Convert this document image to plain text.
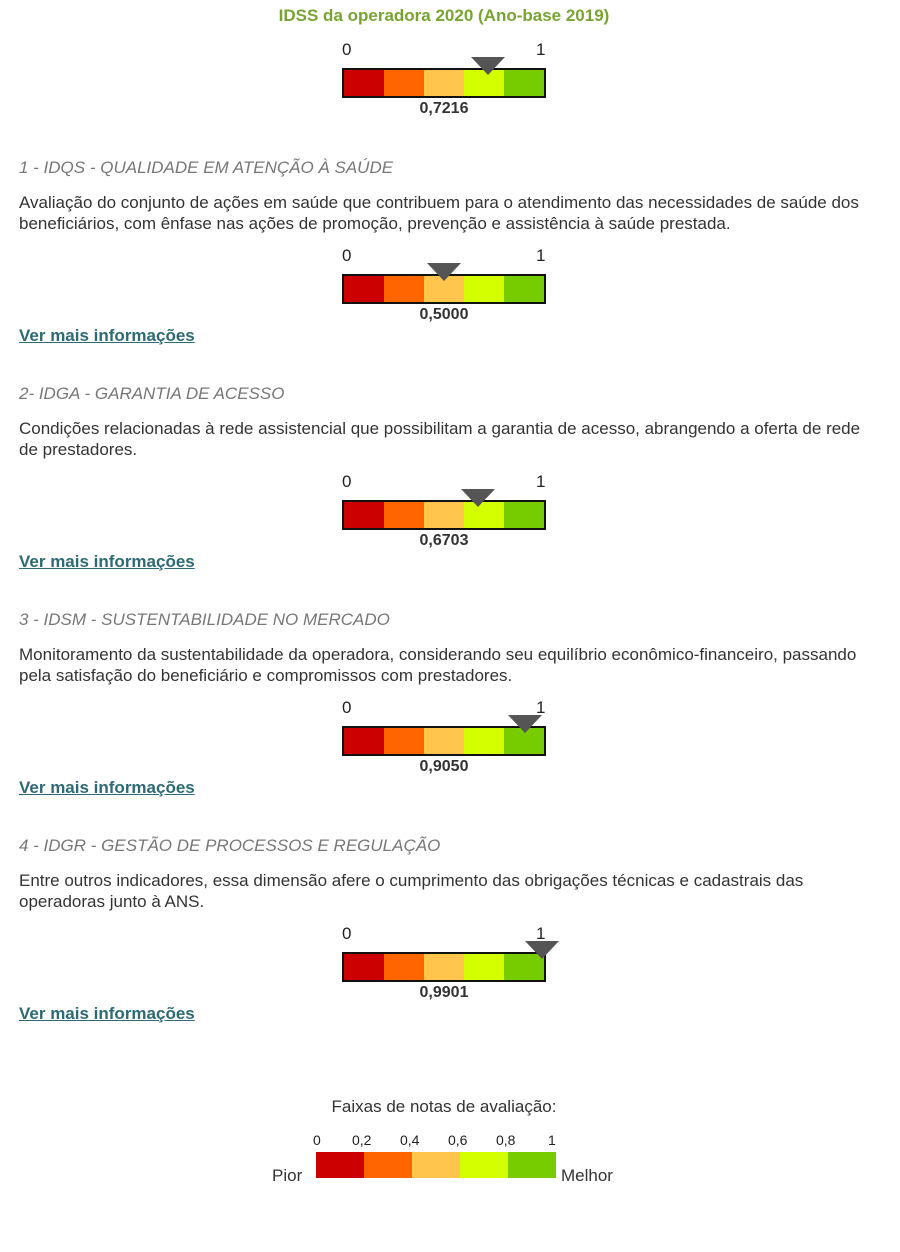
IDSS da operadora 2020 (Ano-base 2019)
0	1
0,7216
1 - IDQS - QUALIDADE EM ATENÇÃO À SAÚDE
Avaliação do conjunto de ações em saúde que contribuem para o atendimento das necessidades de saúde dos beneficiários, com ênfase nas ações de promoção, prevenção e assistência à saúde prestada.
0	1
0,5000
Ver mais informações
2- IDGA - GARANTIA DE ACESSO
Condições relacionadas à rede assistencial que possibilitam a garantia de acesso, abrangendo a oferta de rede de prestadores.
0	1
0,6703
Ver mais informações
3 - IDSM - SUSTENTABILIDADE NO MERCADO
Monitoramento da sustentabilidade da operadora, considerando seu equilíbrio econômico-financeiro, passando pela satisfação do beneficiário e compromissos com prestadores.
0	1
0,9050
Ver mais informações
4 - IDGR - GESTÃO DE PROCESSOS E REGULAÇÃO
Entre outros indicadores, essa dimensão afere o cumprimento das obrigações técnicas e cadastrais das operadoras junto à ANS.
0	1
0,9901
Ver mais informações
Faixas de notas de avaliação:
0 0,2 0,4 0,6 0,8 1
Pior	Melhor
